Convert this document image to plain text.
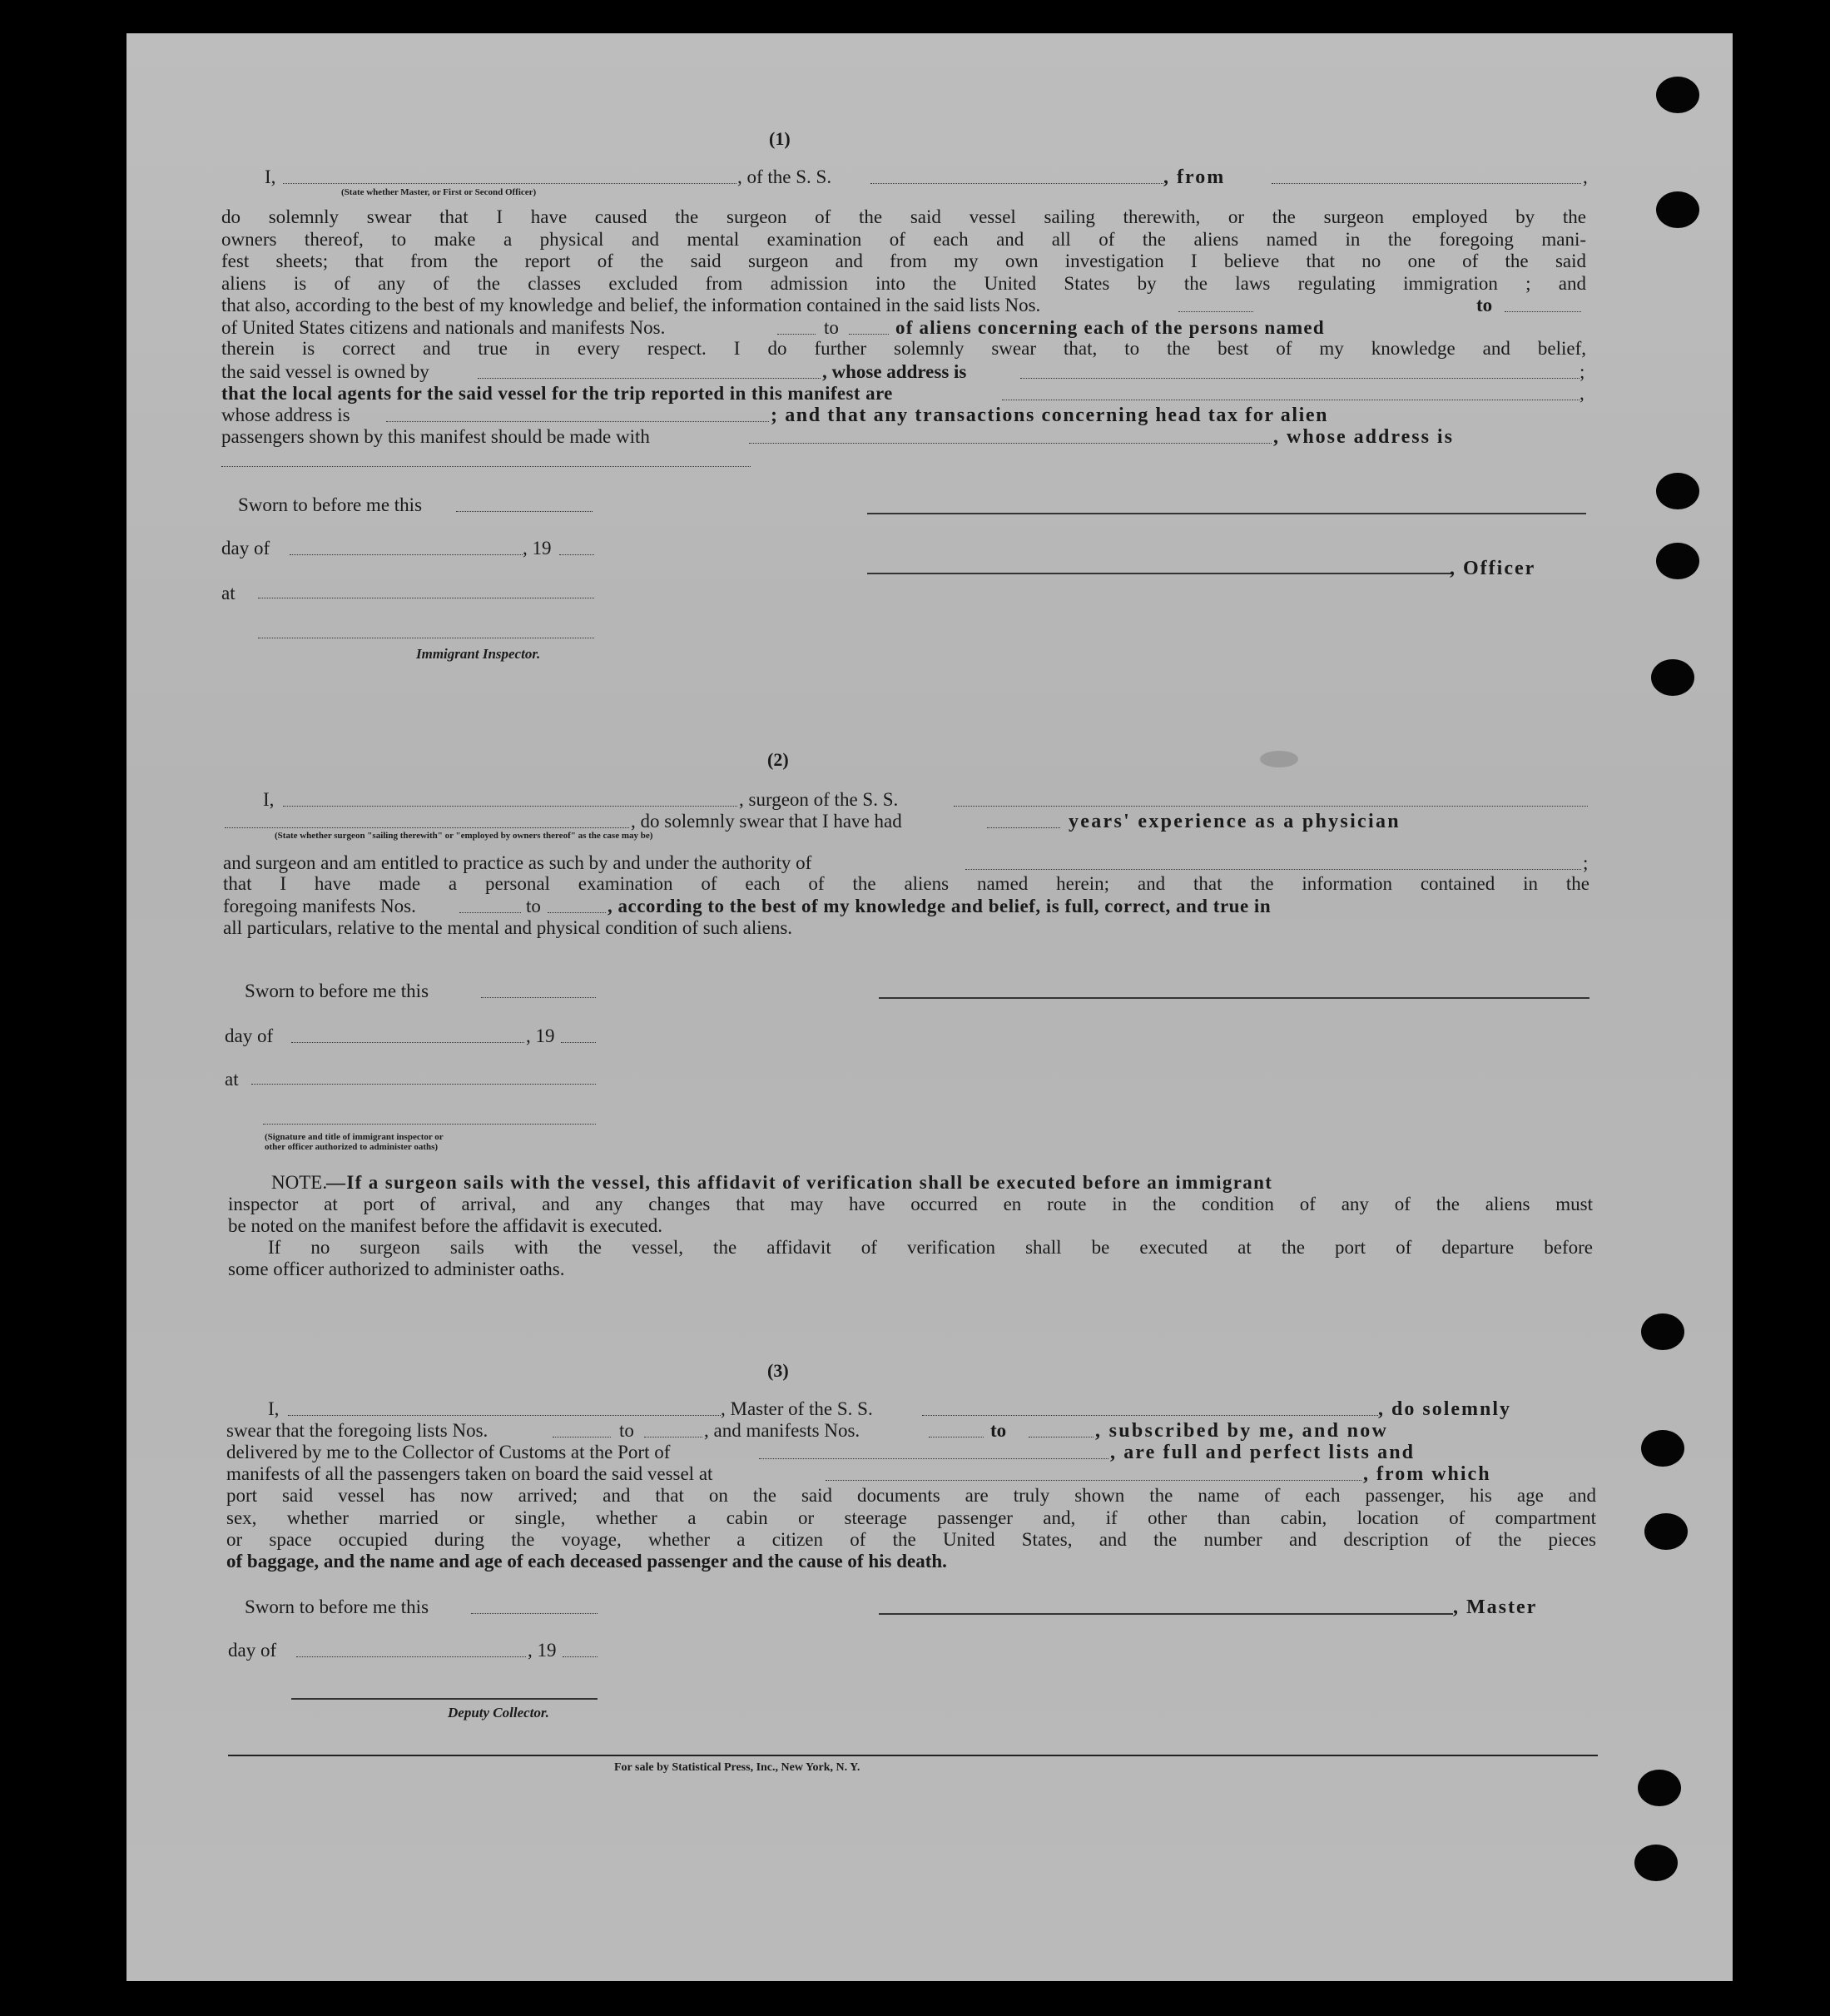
(1)
I,	, of the S. S.	, from	,
(State whether Master, or First or Second Officer)
do solemnly swear that I have caused the surgeon of the said vessel sailing therewith, or the surgeon employed by the
owners thereof, to make a physical and mental examination of each and all of the aliens named in the foregoing mani-
fest sheets; that from the report of the said surgeon and from my own investigation I believe that no one of the said
aliens is of any of the classes excluded from admission into the United States by the laws regulating immigration ; and
that also, according to the best of my knowledge and belief, the information contained in the said lists Nos.	to
of United States citizens and nationals and manifests Nos.	to	of aliens concerning each of the persons named
therein is correct and true in every respect. I do further solemnly swear that, to the best of my knowledge and belief,
the said vessel is owned by	, whose address is	;
that the local agents for the said vessel for the trip reported in this manifest are	,
whose address is	; and that any transactions concerning head tax for alien
passengers shown by this manifest should be made with	, whose address is
Sworn to before me this
day of	, 19
at
Immigrant Inspector.
, Officer
(2)
I,	, surgeon of the S. S.
, do solemnly swear that I have had	years' experience as a physician
(State whether surgeon "sailing therewith" or "employed by owners thereof" as the case may be)
and surgeon and am entitled to practice as such by and under the authority of	;
that I have made a personal examination of each of the aliens named herein; and that the information contained in the
foregoing manifests Nos.	to	, according to the best of my knowledge and belief, is full, correct, and true in
all particulars, relative to the mental and physical condition of such aliens.
Sworn to before me this
day of	, 19
at
(Signature and title of immigrant inspector or
other officer authorized to administer oaths)
NOTE.
—If a surgeon sails with the vessel, this affidavit of verification shall be executed before an immigrant
inspector at port of arrival, and any changes that may have occurred en route in the condition of any of the aliens must
be noted on the manifest before the affidavit is executed.
If no surgeon sails with the vessel, the affidavit of verification shall be executed at the port of departure before
some officer authorized to administer oaths.
(3)
I,	, Master of the S. S.	, do solemnly
swear that the foregoing lists Nos.	to	, and manifests Nos.	to	, subscribed by me, and now
delivered by me to the Collector of Customs at the Port of	, are full and perfect lists and
manifests of all the passengers taken on board the said vessel at	, from which
port said vessel has now arrived; and that on the said documents are truly shown the name of each passenger, his age and
sex, whether married or single, whether a cabin or steerage passenger and, if other than cabin, location of compartment
or space occupied during the voyage, whether a citizen of the United States, and the number and description of the pieces
of baggage, and the name and age of each deceased passenger and the cause of his death.
Sworn to before me this
day of	, 19
Deputy Collector.
, Master
For sale by Statistical Press, Inc., New York, N. Y.
